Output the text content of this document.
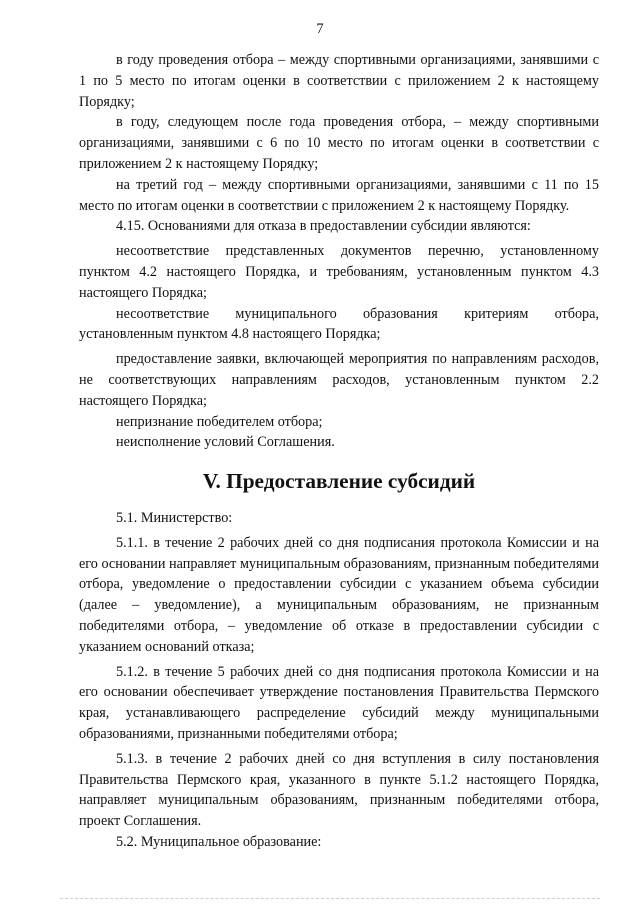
7

в году проведения отбора – между спортивными организациями, занявшими с 1 по 5 место по итогам оценки в соответствии с приложением 2 к настоящему Порядку;

в году, следующем после года проведения отбора, – между спортивными организациями, занявшими с 6 по 10 место по итогам оценки в соответствии с приложением 2 к настоящему Порядку;

на третий год – между спортивными организациями, занявшими с 11 по 15 место по итогам оценки в соответствии с приложением 2 к настоящему Порядку.

4.15. Основаниями для отказа в предоставлении субсидии являются:

несоответствие представленных документов перечню, установленному пунктом 4.2 настоящего Порядка, и требованиям, установленным пунктом 4.3 настоящего Порядка;

несоответствие муниципального образования критериям отбора, установленным пунктом 4.8 настоящего Порядка;

предоставление заявки, включающей мероприятия по направлениям расходов, не соответствующих направлениям расходов, установленным пунктом 2.2 настоящего Порядка;

непризнание победителем отбора;

неисполнение условий Соглашения.

V. Предоставление субсидий

5.1. Министерство:

5.1.1. в течение 2 рабочих дней со дня подписания протокола Комиссии и на его основании направляет муниципальным образованиям, признанным победителями отбора, уведомление о предоставлении субсидии с указанием объема субсидии (далее – уведомление), а муниципальным образованиям, не признанным победителями отбора, – уведомление об отказе в предоставлении субсидии с указанием оснований отказа;

5.1.2. в течение 5 рабочих дней со дня подписания протокола Комиссии и на его основании обеспечивает утверждение постановления Правительства Пермского края, устанавливающего распределение субсидий между муниципальными образованиями, признанными победителями отбора;

5.1.3. в течение 2 рабочих дней со дня вступления в силу постановления Правительства Пермского края, указанного в пункте 5.1.2 настоящего Порядка, направляет муниципальным образованиям, признанным победителями отбора, проект Соглашения.

5.2. Муниципальное образование:
